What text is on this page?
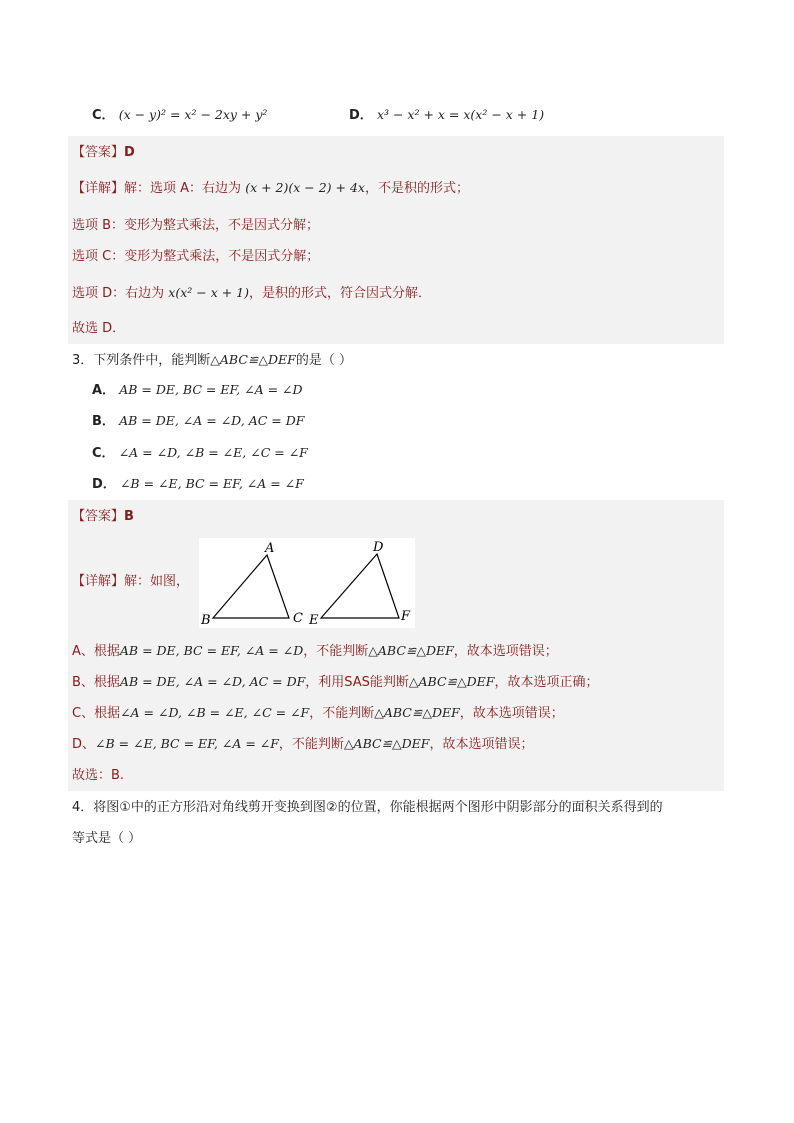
C． (x − y)² = x² − 2xy + y²	D． x³ − x² + x = x(x² − x + 1)
【答案】D
【详解】解：选项 A：右边为 (x + 2)(x − 2) + 4x，不是积的形式；
选项 B：变形为整式乘法，不是因式分解；
选项 C：变形为整式乘法，不是因式分解；
选项 D：右边为 x(x² − x + 1)，是积的形式，符合因式分解．
故选 D．
3．下列条件中，能判断△ABC≌△DEF的是（ ）
A． AB = DE, BC = EF, ∠A = ∠D
B． AB = DE, ∠A = ∠D, AC = DF
C． ∠A = ∠D, ∠B = ∠E, ∠C = ∠F
D． ∠B = ∠E, BC = EF, ∠A = ∠F
【答案】B
【详解】解：如图，
A
B	C
D
E	F
A、根据AB = DE, BC = EF, ∠A = ∠D，不能判断△ABC≌△DEF，故本选项错误；
B、根据AB = DE, ∠A = ∠D, AC = DF，利用SAS能判断△ABC≌△DEF，故本选项正确；
C、根据∠A = ∠D, ∠B = ∠E, ∠C = ∠F，不能判断△ABC≌△DEF，故本选项错误；
D、∠B = ∠E, BC = EF, ∠A = ∠F，不能判断△ABC≌△DEF，故本选项错误；
故选：B.
4．将图①中的正方形沿对角线剪开变换到图②的位置，你能根据两个图形中阴影部分的面积关系得到的
等式是（ ）
